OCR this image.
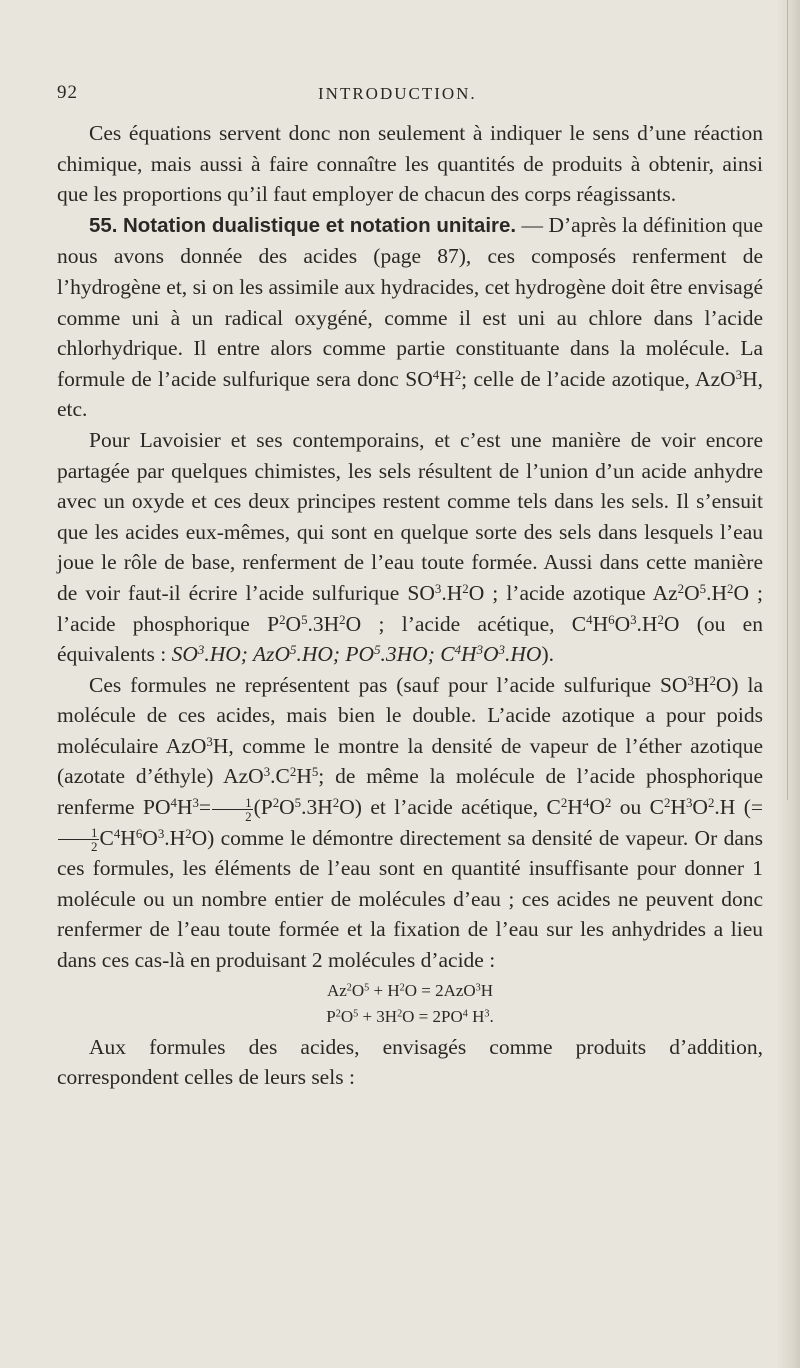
92	INTRODUCTION.

Ces équations servent donc non seulement à indiquer le sens d’une réaction chimique, mais aussi à faire connaître les quantités de produits à obtenir, ainsi que les proportions qu’il faut employer de chacun des corps réagissants.

55. Notation dualistique et notation unitaire. — D’après la définition que nous avons donnée des acides (page 87), ces composés renferment de l’hydrogène et, si on les assimile aux hydracides, cet hydrogène doit être envisagé comme uni à un radical oxygéné, comme il est uni au chlore dans l’acide chlorhydrique. Il entre alors comme partie constituante dans la molécule. La formule de l’acide sulfurique sera donc $SO^4H^2$; celle de l’acide azotique, AzO$^3$H, etc.

Pour Lavoisier et ses contemporains, et c’est une manière de voir encore partagée par quelques chimistes, les sels résultent de l’union d’un acide anhydre avec un oxyde et ces deux principes restent comme tels dans les sels. Il s’ensuit que les acides eux-mêmes, qui sont en quelque sorte des sels dans lesquels l’eau joue le rôle de base, renferment de l’eau toute formée. Aussi dans cette manière de voir faut-il écrire l’acide sulfurique $SO^3.H^2O$ ; l’acide azotique $Az^2O^5.H^2O$ ; l’acide phosphorique $P^2O^5.3H^2O$ ; l’acide acétique, $C^4H^6O^3.H^2O$ (ou en équivalents : $SO^3.HO$; AzO$^5$.HO; $PO^5.3HO$; $C^4H^3O^3.HO$).

Ces formules ne représentent pas (sauf pour l’acide sulfurique $SO^3H^2O$) la molécule de ces acides, mais bien le double. L’acide azotique a pour poids moléculaire AzO$^3$H, comme le montre la densité de vapeur de l’éther azotique (azotate d’éthyle) $AzO^3.C^2H^5$; de même la molécule de l’acide phosphorique renferme $PO^4H^3= \frac{1}{2} (P^2O^5.3H^2O)$ et l’acide acétique, $C^2H^4O^2$ ou $C^2H^3O^2.H$ (=
$\frac{1}{2} C^4H^6O^3.H^2O$) comme le démontre directement sa densité de vapeur. Or dans ces formules, les éléments de l’eau sont en quantité insuffisante pour donner 1 molécule ou un nombre entier de molécules d’eau ; ces acides ne peuvent donc renfermer de l’eau toute formée et la fixation de l’eau sur les anhydrides a lieu dans ces cas-là en produisant 2 molécules d’acide :

$Az^2O^5 + H^2O = 2AzO^3H$
$P^2O^5 + 3H^2O = 2PO^4$ $H^3$.

Aux formules des acides, envisagés comme produits d’addition, correspondent celles de leurs sels :
